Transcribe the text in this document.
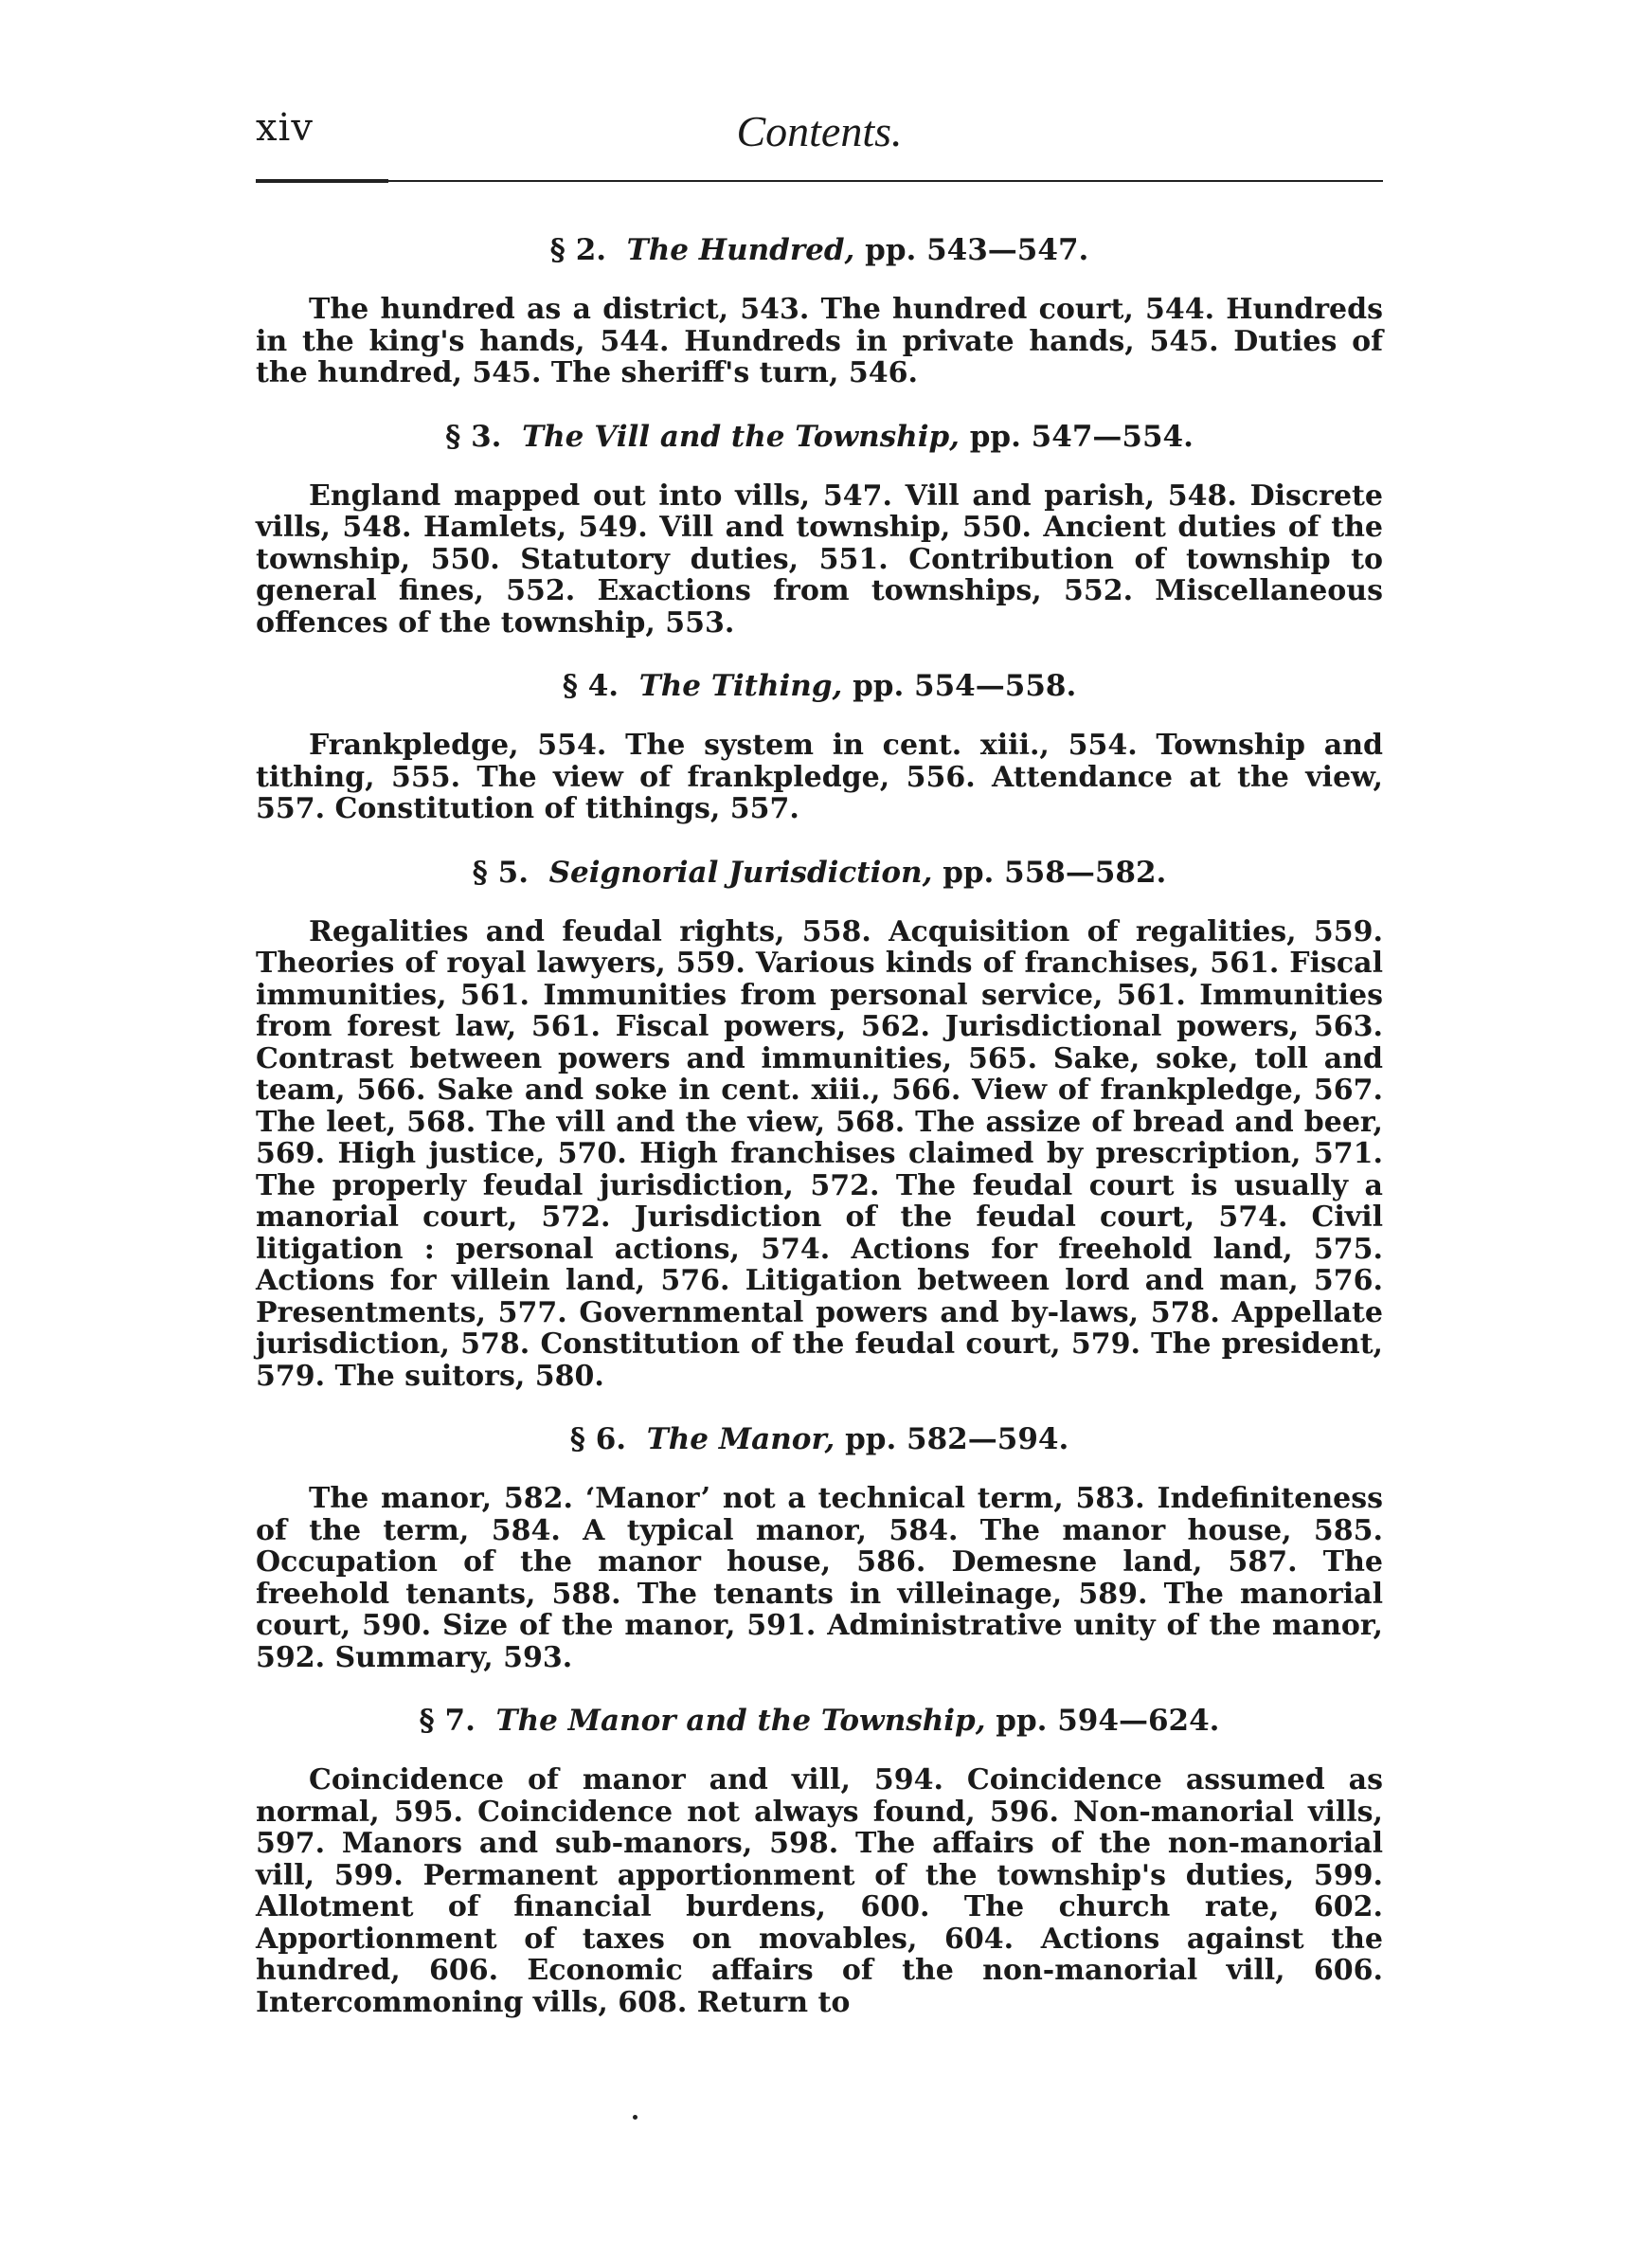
xiv	Contents.
§ 2. The Hundred, pp. 543—547.

The hundred as a district, 543. The hundred court, 544. Hundreds in the king's hands, 544. Hundreds in private hands, 545. Duties of the hundred, 545. The sheriff's turn, 546.

§ 3. The Vill and the Township, pp. 547—554.

England mapped out into vills, 547. Vill and parish, 548. Discrete vills, 548. Hamlets, 549. Vill and township, 550. Ancient duties of the township, 550. Statutory duties, 551. Contribution of township to general fines, 552. Exactions from townships, 552. Miscellaneous offences of the township, 553.

§ 4. The Tithing, pp. 554—558.

Frankpledge, 554. The system in cent. xiii., 554. Township and tithing, 555. The view of frankpledge, 556. Attendance at the view, 557. Constitution of tithings, 557.

§ 5. Seignorial Jurisdiction, pp. 558—582.

Regalities and feudal rights, 558. Acquisition of regalities, 559. Theories of royal lawyers, 559. Various kinds of franchises, 561. Fiscal immunities, 561. Immunities from personal service, 561. Immunities from forest law, 561. Fiscal powers, 562. Jurisdictional powers, 563. Contrast between powers and immunities, 565. Sake, soke, toll and team, 566. Sake and soke in cent. xiii., 566. View of frankpledge, 567. The leet, 568. The vill and the view, 568. The assize of bread and beer, 569. High justice, 570. High franchises claimed by prescription, 571. The properly feudal jurisdiction, 572. The feudal court is usually a manorial court, 572. Jurisdiction of the feudal court, 574. Civil litigation : personal actions, 574. Actions for freehold land, 575. Actions for villein land, 576. Litigation between lord and man, 576. Presentments, 577. Governmental powers and by-laws, 578. Appellate jurisdiction, 578. Constitution of the feudal court, 579. The president, 579. The suitors, 580.

§ 6. The Manor, pp. 582—594.

The manor, 582. ‘Manor’ not a technical term, 583. Indefiniteness of the term, 584. A typical manor, 584. The manor house, 585. Occupation of the manor house, 586. Demesne land, 587. The freehold tenants, 588. The tenants in villeinage, 589. The manorial court, 590. Size of the manor, 591. Administrative unity of the manor, 592. Summary, 593.

§ 7. The Manor and the Township, pp. 594—624.

Coincidence of manor and vill, 594. Coincidence assumed as normal, 595. Coincidence not always found, 596. Non-manorial vills, 597. Manors and sub-manors, 598. The affairs of the non-manorial vill, 599. Permanent apportionment of the township's duties, 599. Allotment of financial burdens, 600. The church rate, 602. Apportionment of taxes on movables, 604. Actions against the hundred, 606. Economic affairs of the non-manorial vill, 606. Intercommoning vills, 608. Return to
